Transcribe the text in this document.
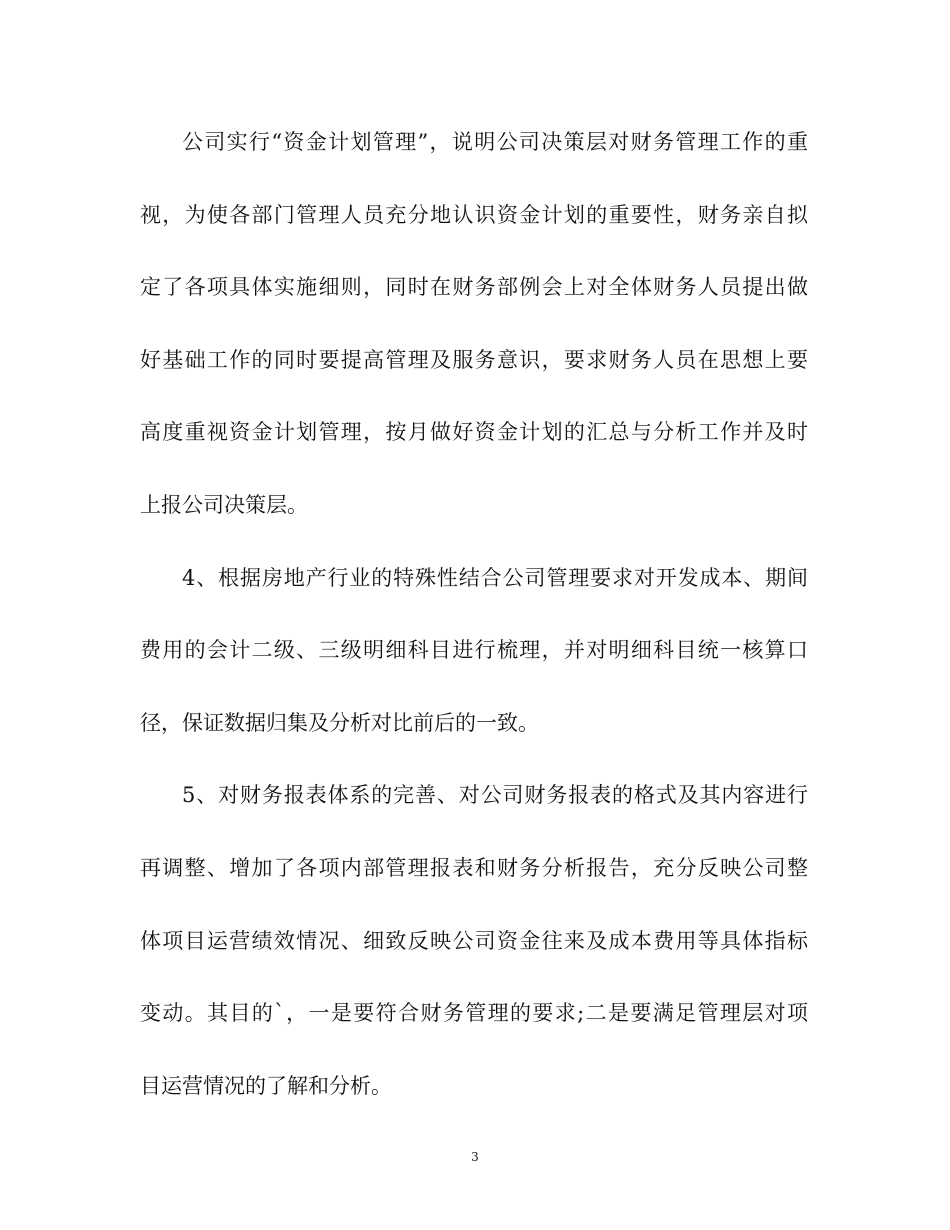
公司实行“资金计划管理”，说明公司决策层对财务管理工作的重
视，为使各部门管理人员充分地认识资金计划的重要性，财务亲自拟
定了各项具体实施细则，同时在财务部例会上对全体财务人员提出做
好基础工作的同时要提高管理及服务意识，要求财务人员在思想上要
高度重视资金计划管理，按月做好资金计划的汇总与分析工作并及时
上报公司决策层。
4、根据房地产行业的特殊性结合公司管理要求对开发成本、期间
费用的会计二级、三级明细科目进行梳理，并对明细科目统一核算口
径，保证数据归集及分析对比前后的一致。
5、对财务报表体系的完善、对公司财务报表的格式及其内容进行
再调整、增加了各项内部管理报表和财务分析报告，充分反映公司整
体项目运营绩效情况、细致反映公司资金往来及成本费用等具体指标
变动。其目的`，一是要符合财务管理的要求;二是要满足管理层对项
目运营情况的了解和分析。
3
